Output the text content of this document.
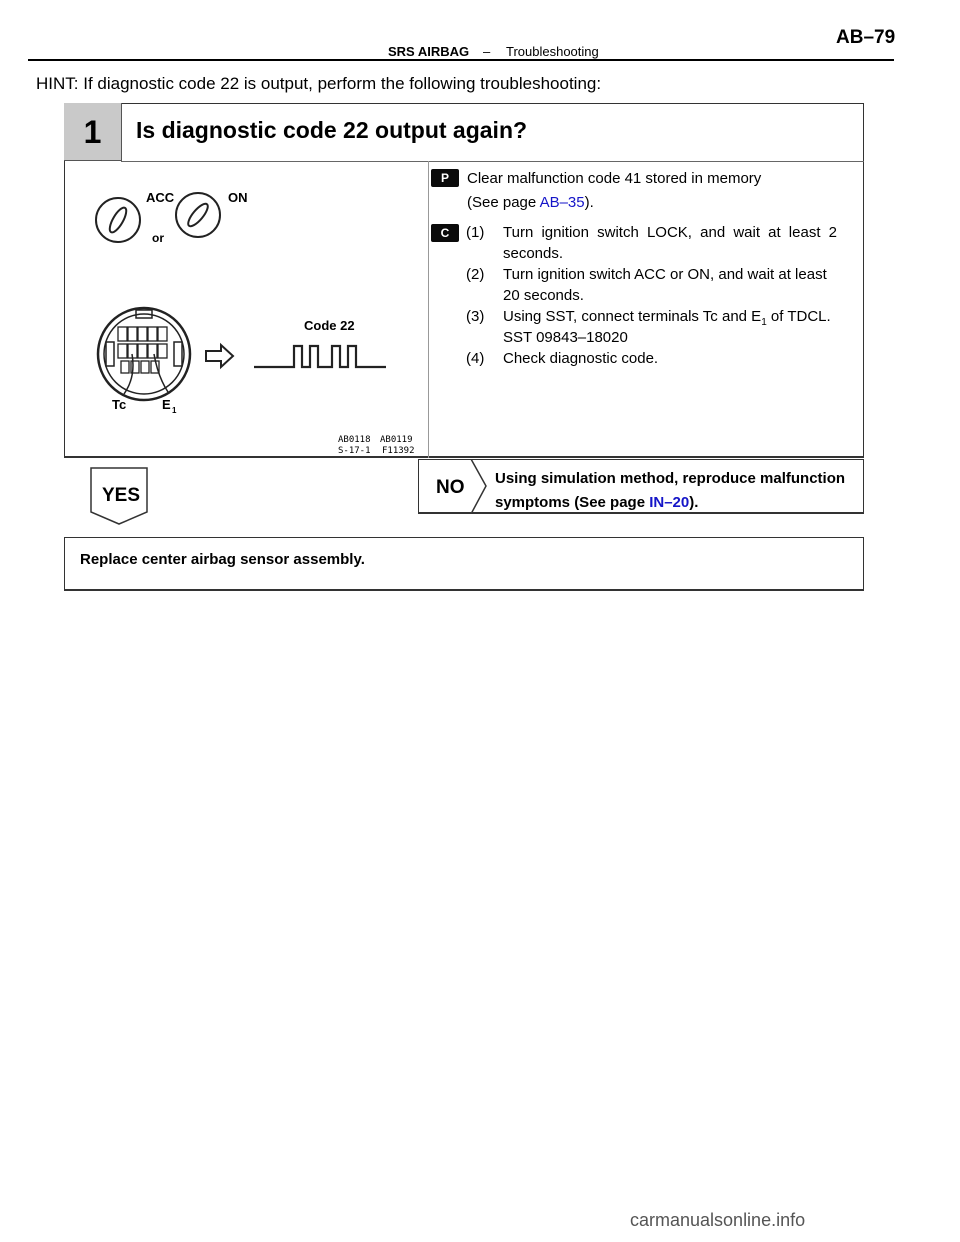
SRS AIRBAG – Troubleshooting
AB–79
HINT: If diagnostic code 22 is output, perform the following troubleshooting:
1	Is diagnostic code 22 output again?
ACC
or
ON
Tc	E 1
Code 22
AB0118 AB0119
S-17-1 F11392
P	Clear malfunction code 41 stored in memory
(See page AB–35).
C	(1) Turn ignition switch LOCK, and wait at least 2
seconds.
(2) Turn ignition switch ACC or ON, and wait at least
20 seconds.
(3) Using SST, connect terminals Tc and $E_1$ of TDCL.
SST 09843–18020
(4) Check diagnostic code.
NO Using simulation method, reproduce malfunction
symptoms (See page IN–20).
YES
Replace center airbag sensor assembly.
carmanualsonline.info
